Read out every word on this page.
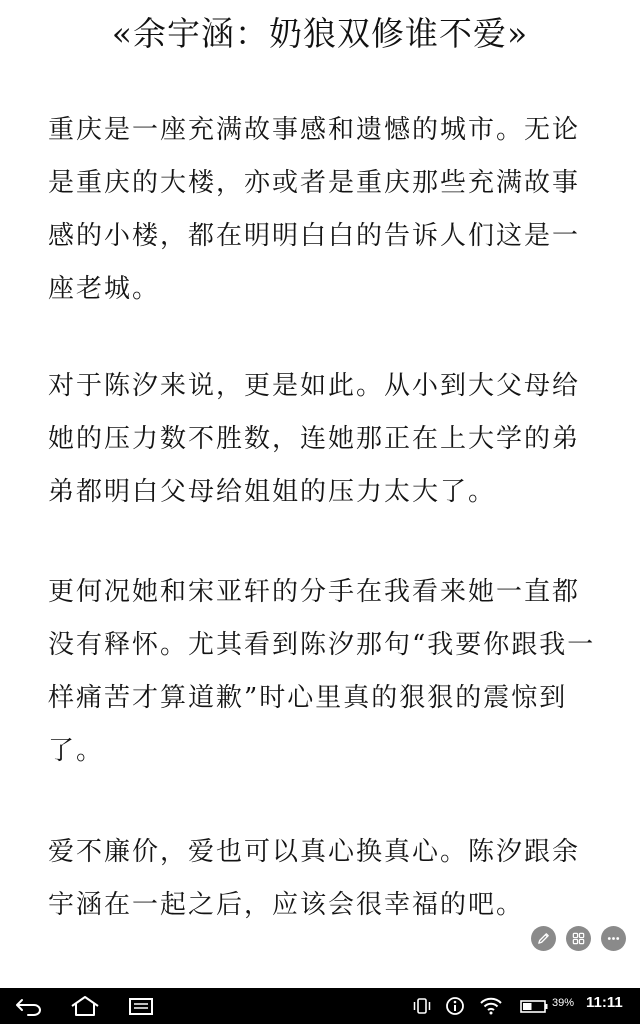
«余宇涵：奶狼双修谁不爱»

重庆是一座充满故事感和遗憾的城市。无论是重庆的大楼，亦或者是重庆那些充满故事感的小楼，都在明明白白的告诉人们这是一座老城。

对于陈汐来说，更是如此。从小到大父母给她的压力数不胜数，连她那正在上大学的弟弟都明白父母给姐姐的压力太大了。

更何况她和宋亚轩的分手在我看来她一直都没有释怀。尤其看到陈汐那句“我要你跟我一样痛苦才算道歉”时心里真的狠狠的震惊到了。

爱不廉价，爱也可以真心换真心。陈汐跟余宇涵在一起之后，应该会很幸福的吧。

39% 11:11
